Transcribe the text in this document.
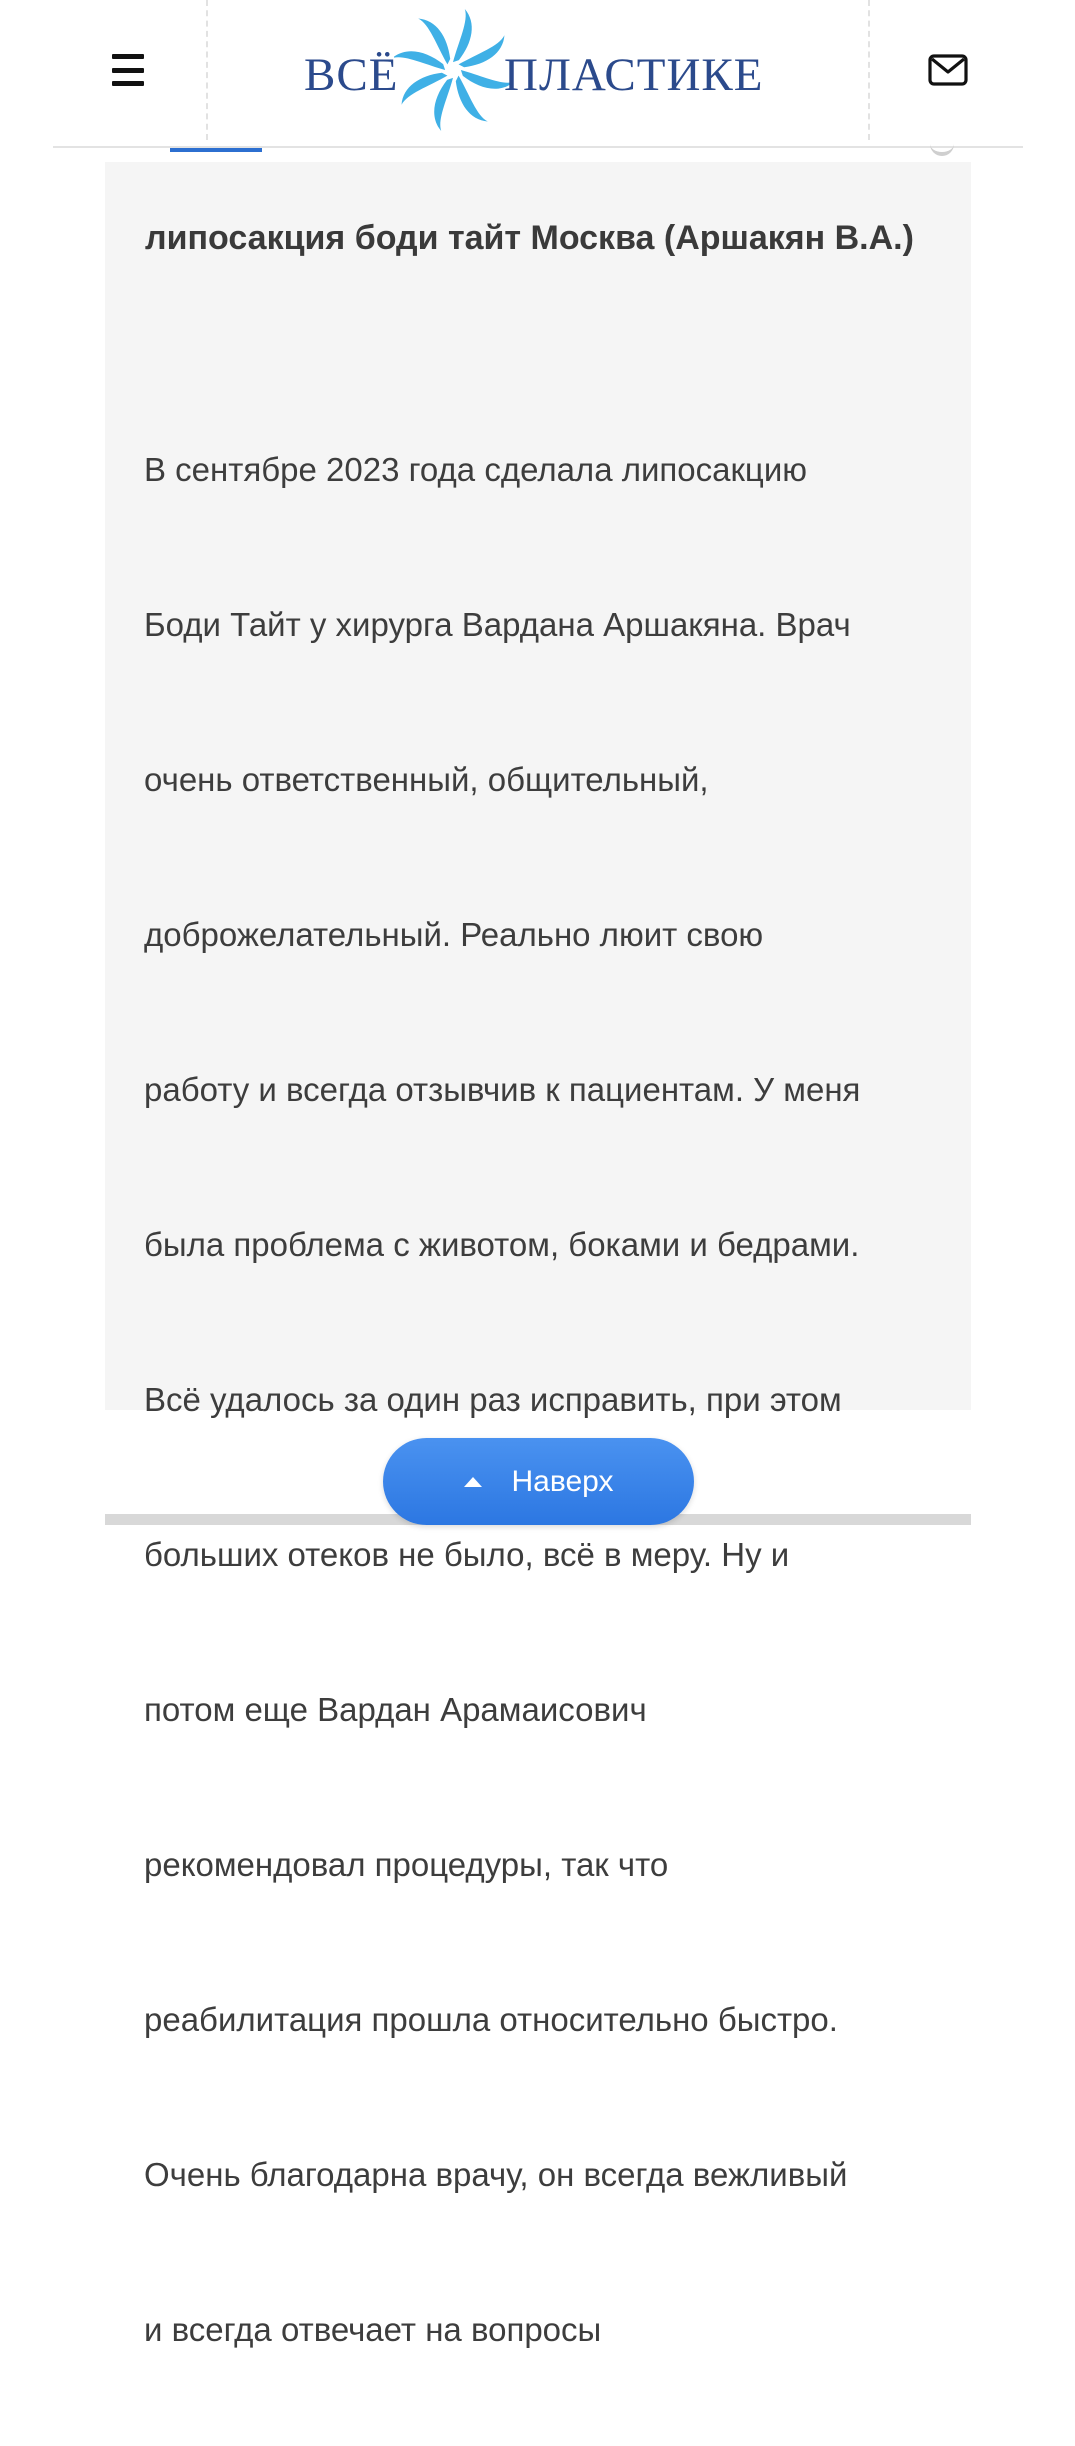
ВСЁ ПЛАСТИКЕ
липосакция боди тайт Москва (Аршакян В.А.)

В сентябре 2023 года сделала липосакцию

Боди Тайт у хирурга Вардана Аршакяна. Врач

очень ответственный, общительный,

доброжелательный. Реально люит свою

работу и всегда отзывчив к пациентам. У меня

была проблема с животом, боками и бедрами.

Всё удалось за один раз исправить, при этом

больших отеков не было, всё в меру. Ну и

потом еще Вардан Арамаисович

рекомендовал процедуры, так что

реабилитация прошла относительно быстро.

Очень благодарна врачу, он всегда вежливый

и всегда отвечает на вопросы

Наверх
